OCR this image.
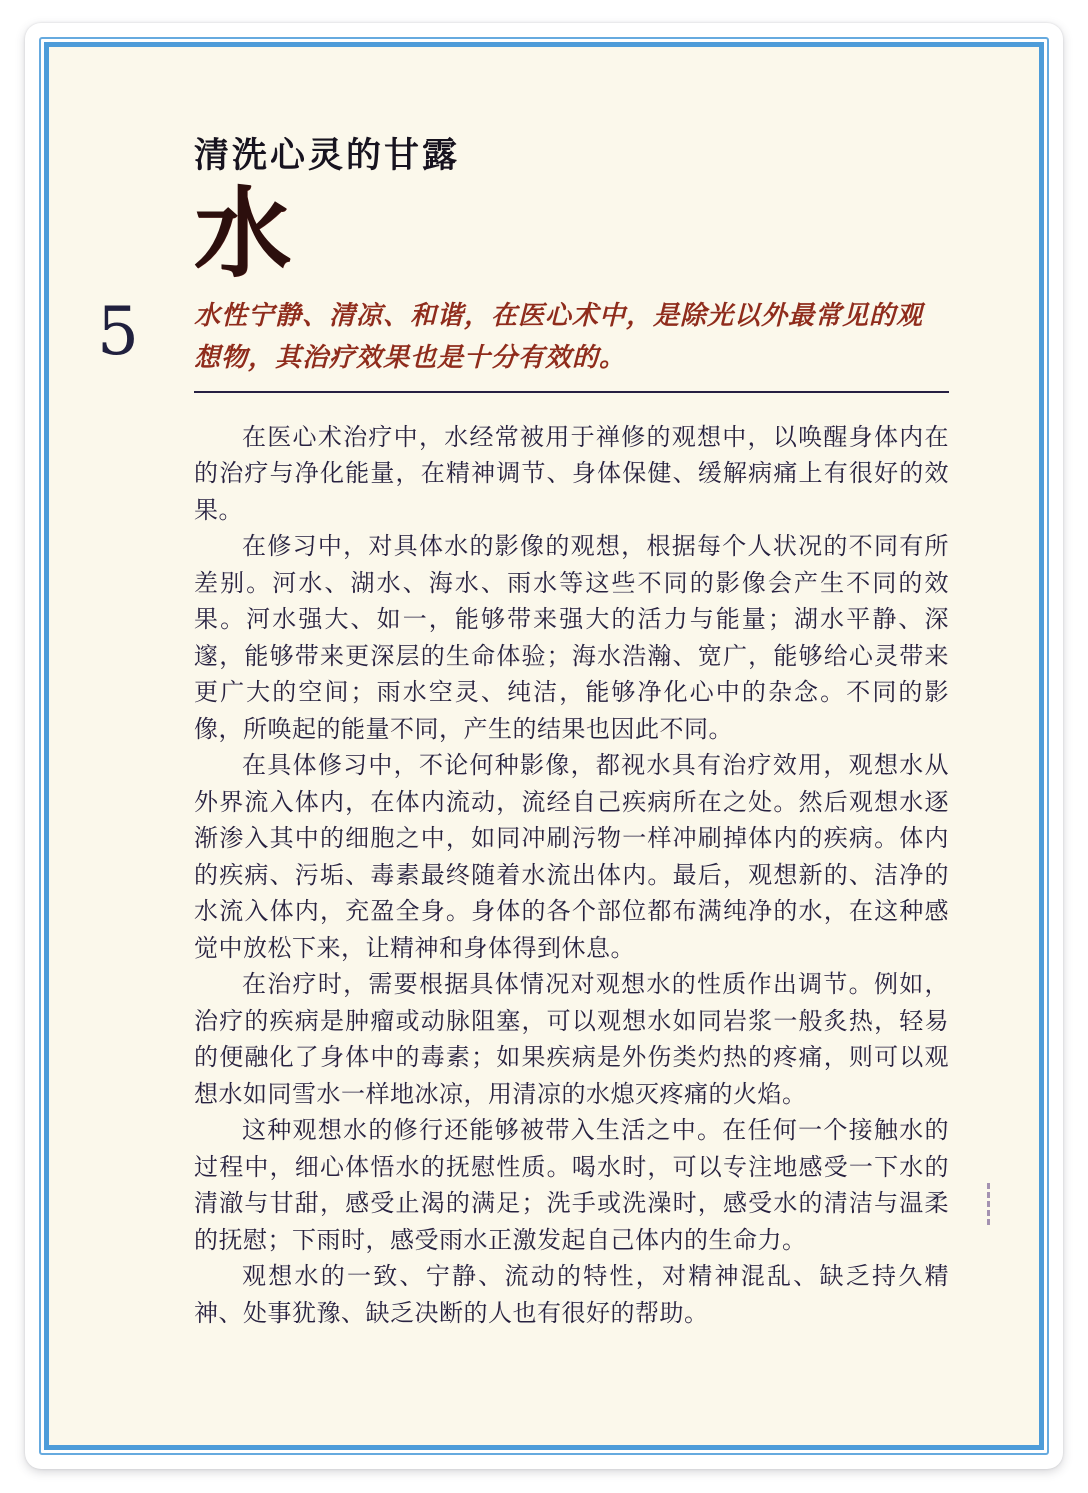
5
清洗心灵的甘露
水
水性宁静、清凉、和谐，在医心术中，是除光以外最常见的观想物，其治疗效果也是十分有效的。

在医心术治疗中，水经常被用于禅修的观想中，以唤醒身体内在的治疗与净化能量，在精神调节、身体保健、缓解病痛上有很好的效果。

在修习中，对具体水的影像的观想，根据每个人状况的不同有所差别。河水、湖水、海水、雨水等这些不同的影像会产生不同的效果。河水强大、如一，能够带来强大的活力与能量；湖水平静、深邃，能够带来更深层的生命体验；海水浩瀚、宽广，能够给心灵带来更广大的空间；雨水空灵、纯洁，能够净化心中的杂念。不同的影像，所唤起的能量不同，产生的结果也因此不同。

在具体修习中，不论何种影像，都视水具有治疗效用，观想水从外界流入体内，在体内流动，流经自己疾病所在之处。然后观想水逐渐渗入其中的细胞之中，如同冲刷污物一样冲刷掉体内的疾病。体内的疾病、污垢、毒素最终随着水流出体内。最后，观想新的、洁净的水流入体内，充盈全身。身体的各个部位都布满纯净的水，在这种感觉中放松下来，让精神和身体得到休息。

在治疗时，需要根据具体情况对观想水的性质作出调节。例如，治疗的疾病是肿瘤或动脉阻塞，可以观想水如同岩浆一般炙热，轻易的便融化了身体中的毒素；如果疾病是外伤类灼热的疼痛，则可以观想水如同雪水一样地冰凉，用清凉的水熄灭疼痛的火焰。

这种观想水的修行还能够被带入生活之中。在任何一个接触水的过程中，细心体悟水的抚慰性质。喝水时，可以专注地感受一下水的清澈与甘甜，感受止渴的满足；洗手或洗澡时，感受水的清洁与温柔的抚慰；下雨时，感受雨水正激发起自己体内的生命力。

观想水的一致、宁静、流动的特性，对精神混乱、缺乏持久精神、处事犹豫、缺乏决断的人也有很好的帮助。
